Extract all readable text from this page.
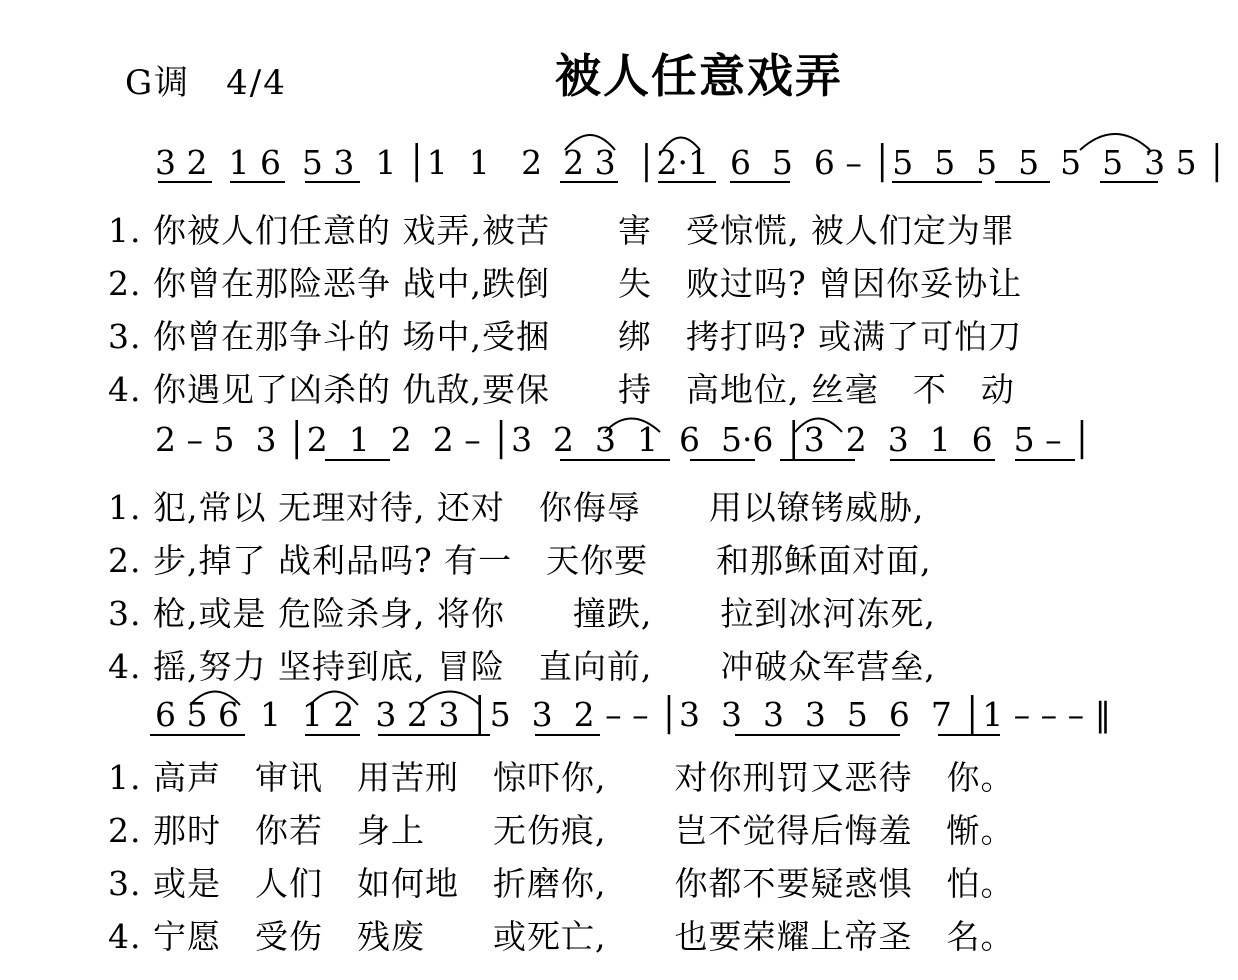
G调　4/4	被人任意戏弄
3 2  1 6  5 3  1 │1  1   2  2 3  │2·1  6  5  6 – │5  5  5  5  5  5  3 5 │
1. 你被人们任意的 戏弄,被苦　　害　受惊慌, 被人们定为罪
2. 你曾在那险恶争 战中,跌倒　　失　败过吗? 曾因你妥协让
3. 你曾在那争斗的 场中,受捆　　绑　拷打吗? 或满了可怕刀
4. 你遇见了凶杀的 仇敌,要保　　持　高地位, 丝毫　不　动
2 – 5  3 │2  1  2  2 – │3  2  3  1  6  5·6 │3  2  3  1  6  5 – │
1. 犯,常以 无理对待, 还对　你侮辱　　用以镣铐威胁,
2. 步,掉了 战利品吗? 有一　天你要　　和那稣面对面,
3. 枪,或是 危险杀身, 将你　　撞跌,　　拉到冰河冻死,
4. 摇,努力 坚持到底, 冒险　直向前,　　冲破众军营垒,
6 5 6  1  1 2  3 2 3 │5  3  2 – – │3  3  3  3  5  6  7 │1 – – – ‖
1. 高声　审讯　用苦刑　惊吓你,　　对你刑罚又恶待　你。
2. 那时　你若　身上　　无伤痕,　　岂不觉得后悔羞　惭。
3. 或是　人们　如何地　折磨你,　　你都不要疑惑惧　怕。
4. 宁愿　受伤　残废　　或死亡,　　也要荣耀上帝圣　名。
